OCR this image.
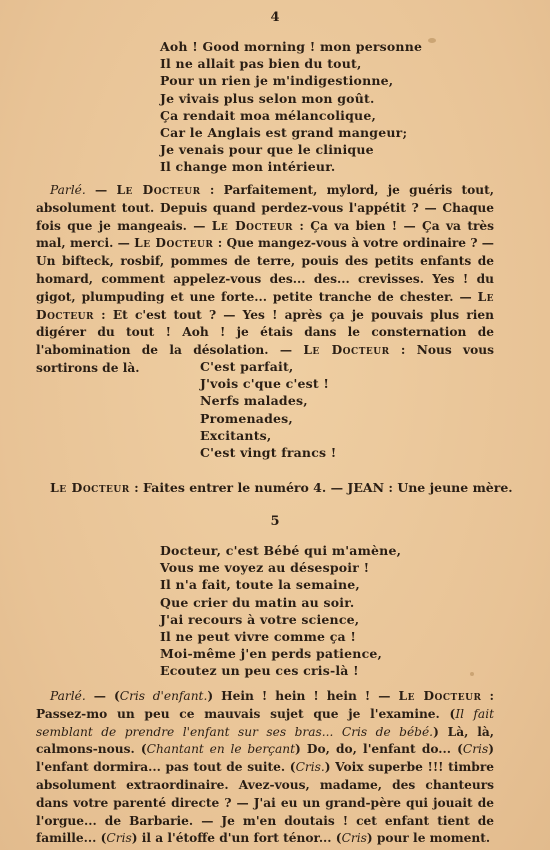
4
Aoh ! Good morning ! mon personne
Il ne allait pas bien du tout,
Pour un rien je m'indigestionne,
Je vivais plus selon mon goût.
Ça rendait moa mélancolique,
Car le Anglais est grand mangeur;
Je venais pour que le clinique
Il change mon intérieur.
Parlé. — Le Docteur : Parfaitement, mylord, je guéris tout, absolument tout. Depuis quand perdez-vous l'appétit ? — Chaque fois que je mangeais. — Le Docteur : Ça va bien ! — Ça va très mal, merci. — Le Docteur : Que mangez-vous à votre ordinaire ? — Un bifteck, rosbif, pommes de terre, pouis des petits enfants de homard, comment appelez-vous des... des... crevisses. Yes ! du gigot, plumpuding et une forte... petite tranche de chester. — Le Docteur : Et c'est tout ? — Yes ! après ça je pouvais plus rien digérer du tout ! Aoh ! je étais dans le consternation de l'abomination de la désolation. — Le Docteur : Nous vous sortirons de là.	C'est parfait,
J'vois c'que c'est !
Nerfs malades,
Promenades,
Excitants,
C'est vingt francs !
Le Docteur : Faites entrer le numéro 4. — JEAN : Une jeune mère.
5
Docteur, c'est Bébé qui m'amène,
Vous me voyez au désespoir !
Il n'a fait, toute la semaine,
Que crier du matin au soir.
J'ai recours à votre science,
Il ne peut vivre comme ça !
Moi-même j'en perds patience,
Ecoutez un peu ces cris-là !
Parlé. — (Cris d'enfant.) Hein ! hein ! hein ! — Le Docteur : Passez-mo un peu ce mauvais sujet que je l'examine. (Il fait semblant de prendre l'enfant sur ses bras... Cris de bébé.) Là, là, calmons-nous. (Chantant en le berçant) Do, do, l'enfant do... (Cris) l'enfant dormira... pas tout de suite. (Cris.) Voix superbe !!! timbre absolument extraordinaire. Avez-vous, madame, des chanteurs dans votre parenté directe ? — J'ai eu un grand-père qui jouait de l'orgue... de Barbarie. — Je m'en doutais ! cet enfant tient de famille... (Cris) il a l'étoffe d'un fort ténor... (Cris) pour le moment.
